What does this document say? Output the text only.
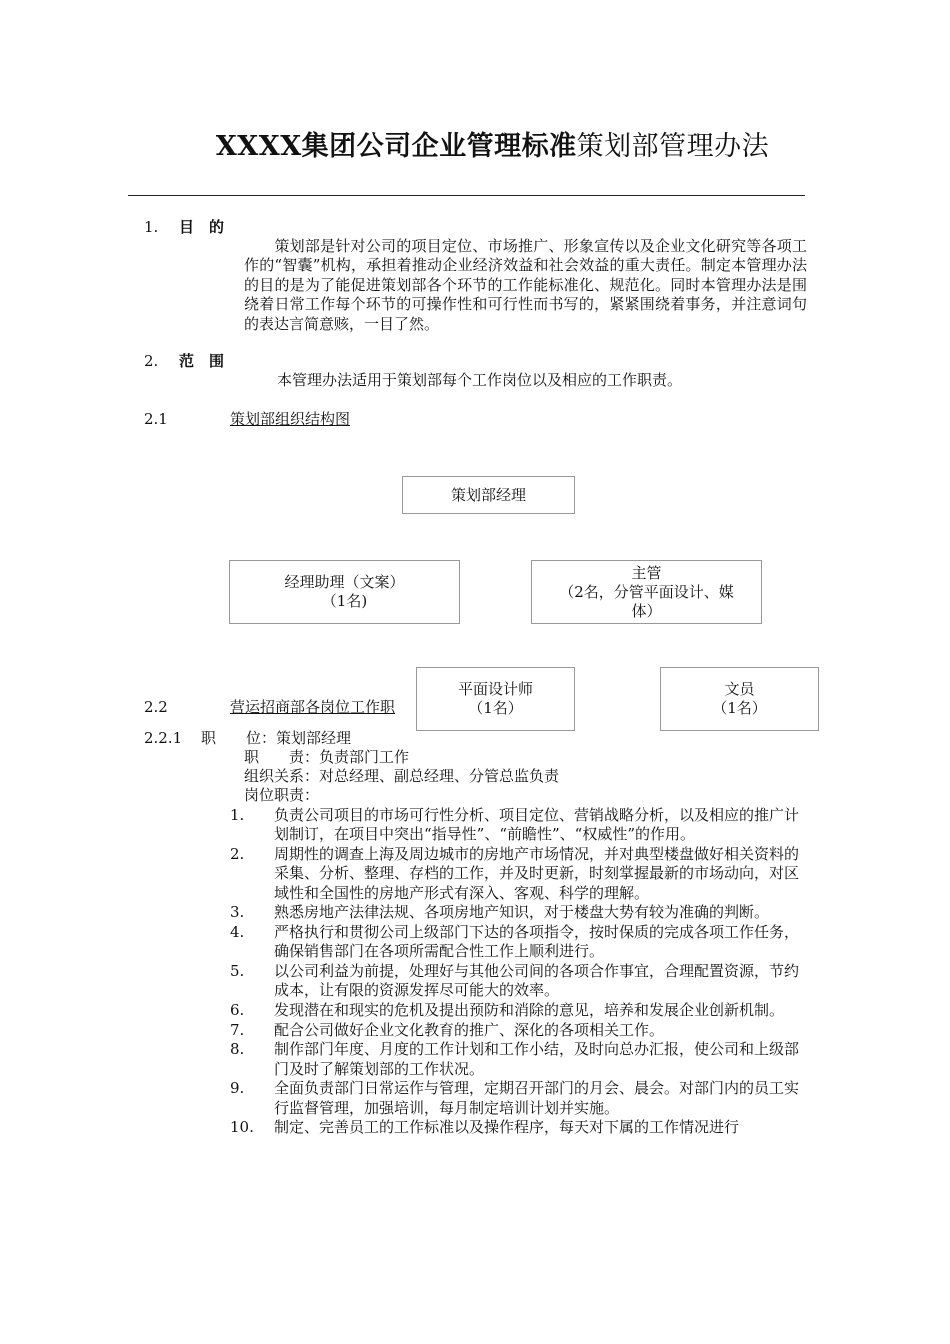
XXXX集团公司企业管理标准策划部管理办法
1. 目　的
　　策划部是针对公司的项目定位、市场推广、形象宣传以及企业文化研究等各项工作的“智囊”机构，承担着推动企业经济效益和社会效益的重大责任。制定本管理办法的目的是为了能促进策划部各个环节的工作能标准化、规范化。同时本管理办法是围绕着日常工作每个环节的可操作性和可行性而书写的，紧紧围绕着事务，并注意词句的表达言简意赅，一目了然。
2. 范　围
本管理办法适用于策划部每个工作岗位以及相应的工作职责。
2.1	策划部组织结构图
策划部经理
经理助理（文案）
（1名)
主管
（2名，分管平面设计、媒
体）
2.2	营运招商部各岗位工作职
平面设计师
（1名）
文员
（1名）
2.2.1 职　　位：策划部经理
职　　责：负责部门工作
组织关系：对总经理、副总经理、分管总监负责
岗位职责：
1. 负责公司项目的市场可行性分析、项目定位、营销战略分析，以及相应的推广计划制订，在项目中突出“指导性”、“前瞻性”、“权威性”的作用。
2. 周期性的调查上海及周边城市的房地产市场情况，并对典型楼盘做好相关资料的采集、分析、整理、存档的工作，并及时更新，时刻掌握最新的市场动向，对区域性和全国性的房地产形式有深入、客观、科学的理解。
3. 熟悉房地产法律法规、各项房地产知识，对于楼盘大势有较为准确的判断。
4. 严格执行和贯彻公司上级部门下达的各项指令，按时保质的完成各项工作任务，确保销售部门在各项所需配合性工作上顺利进行。
5. 以公司利益为前提，处理好与其他公司间的各项合作事宜，合理配置资源，节约成本，让有限的资源发挥尽可能大的效率。
6. 发现潜在和现实的危机及提出预防和消除的意见，培养和发展企业创新机制。
7. 配合公司做好企业文化教育的推广、深化的各项相关工作。
8. 制作部门年度、月度的工作计划和工作小结，及时向总办汇报，使公司和上级部门及时了解策划部的工作状况。
9. 全面负责部门日常运作与管理，定期召开部门的月会、晨会。对部门内的员工实行监督管理，加强培训，每月制定培训计划并实施。
10. 制定、完善员工的工作标准以及操作程序，每天对下属的工作情况进行
